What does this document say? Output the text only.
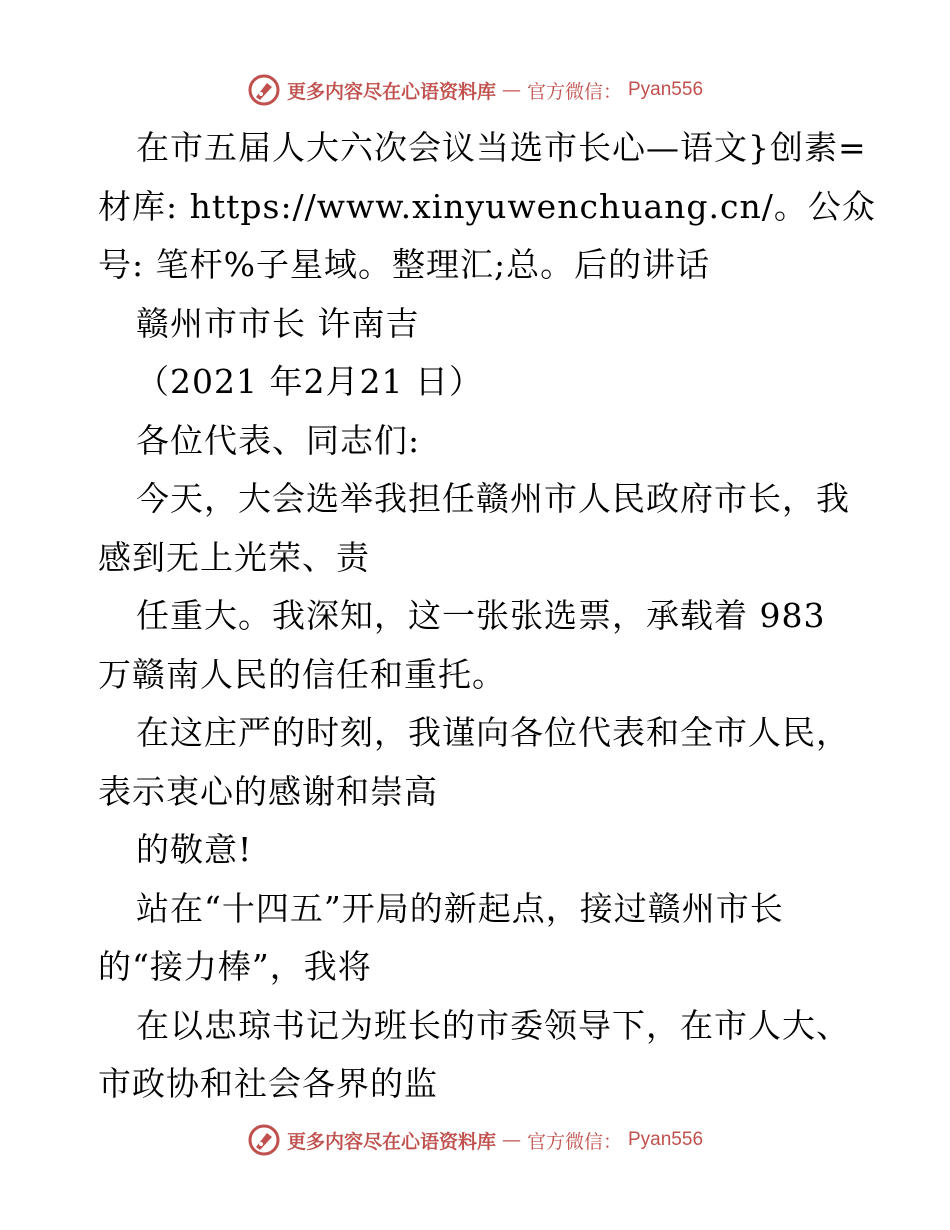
更多内容尽在心语资料库 — 官方微信： Pyan556
在市五届人大六次会议当选市长心—语文}创素=
材库: https://www.xinyuwenchuang.cn/。公众
号: 笔杆%子星域。整理汇;总。后的讲话
赣州市市长 许南吉
（2021 年2月21 日）
各位代表、同志们:
今天，大会选举我担任赣州市人民政府市长，我
感到无上光荣、责
任重大。我深知，这一张张选票，承载着 983
万赣南人民的信任和重托。
在这庄严的时刻，我谨向各位代表和全市人民，
表示衷心的感谢和崇高
的敬意!
站在“十四五”开局的新起点，接过赣州市长
的“接力棒”，我将
在以忠琼书记为班长的市委领导下，在市人大、
市政协和社会各界的监
更多内容尽在心语资料库 — 官方微信： Pyan556
